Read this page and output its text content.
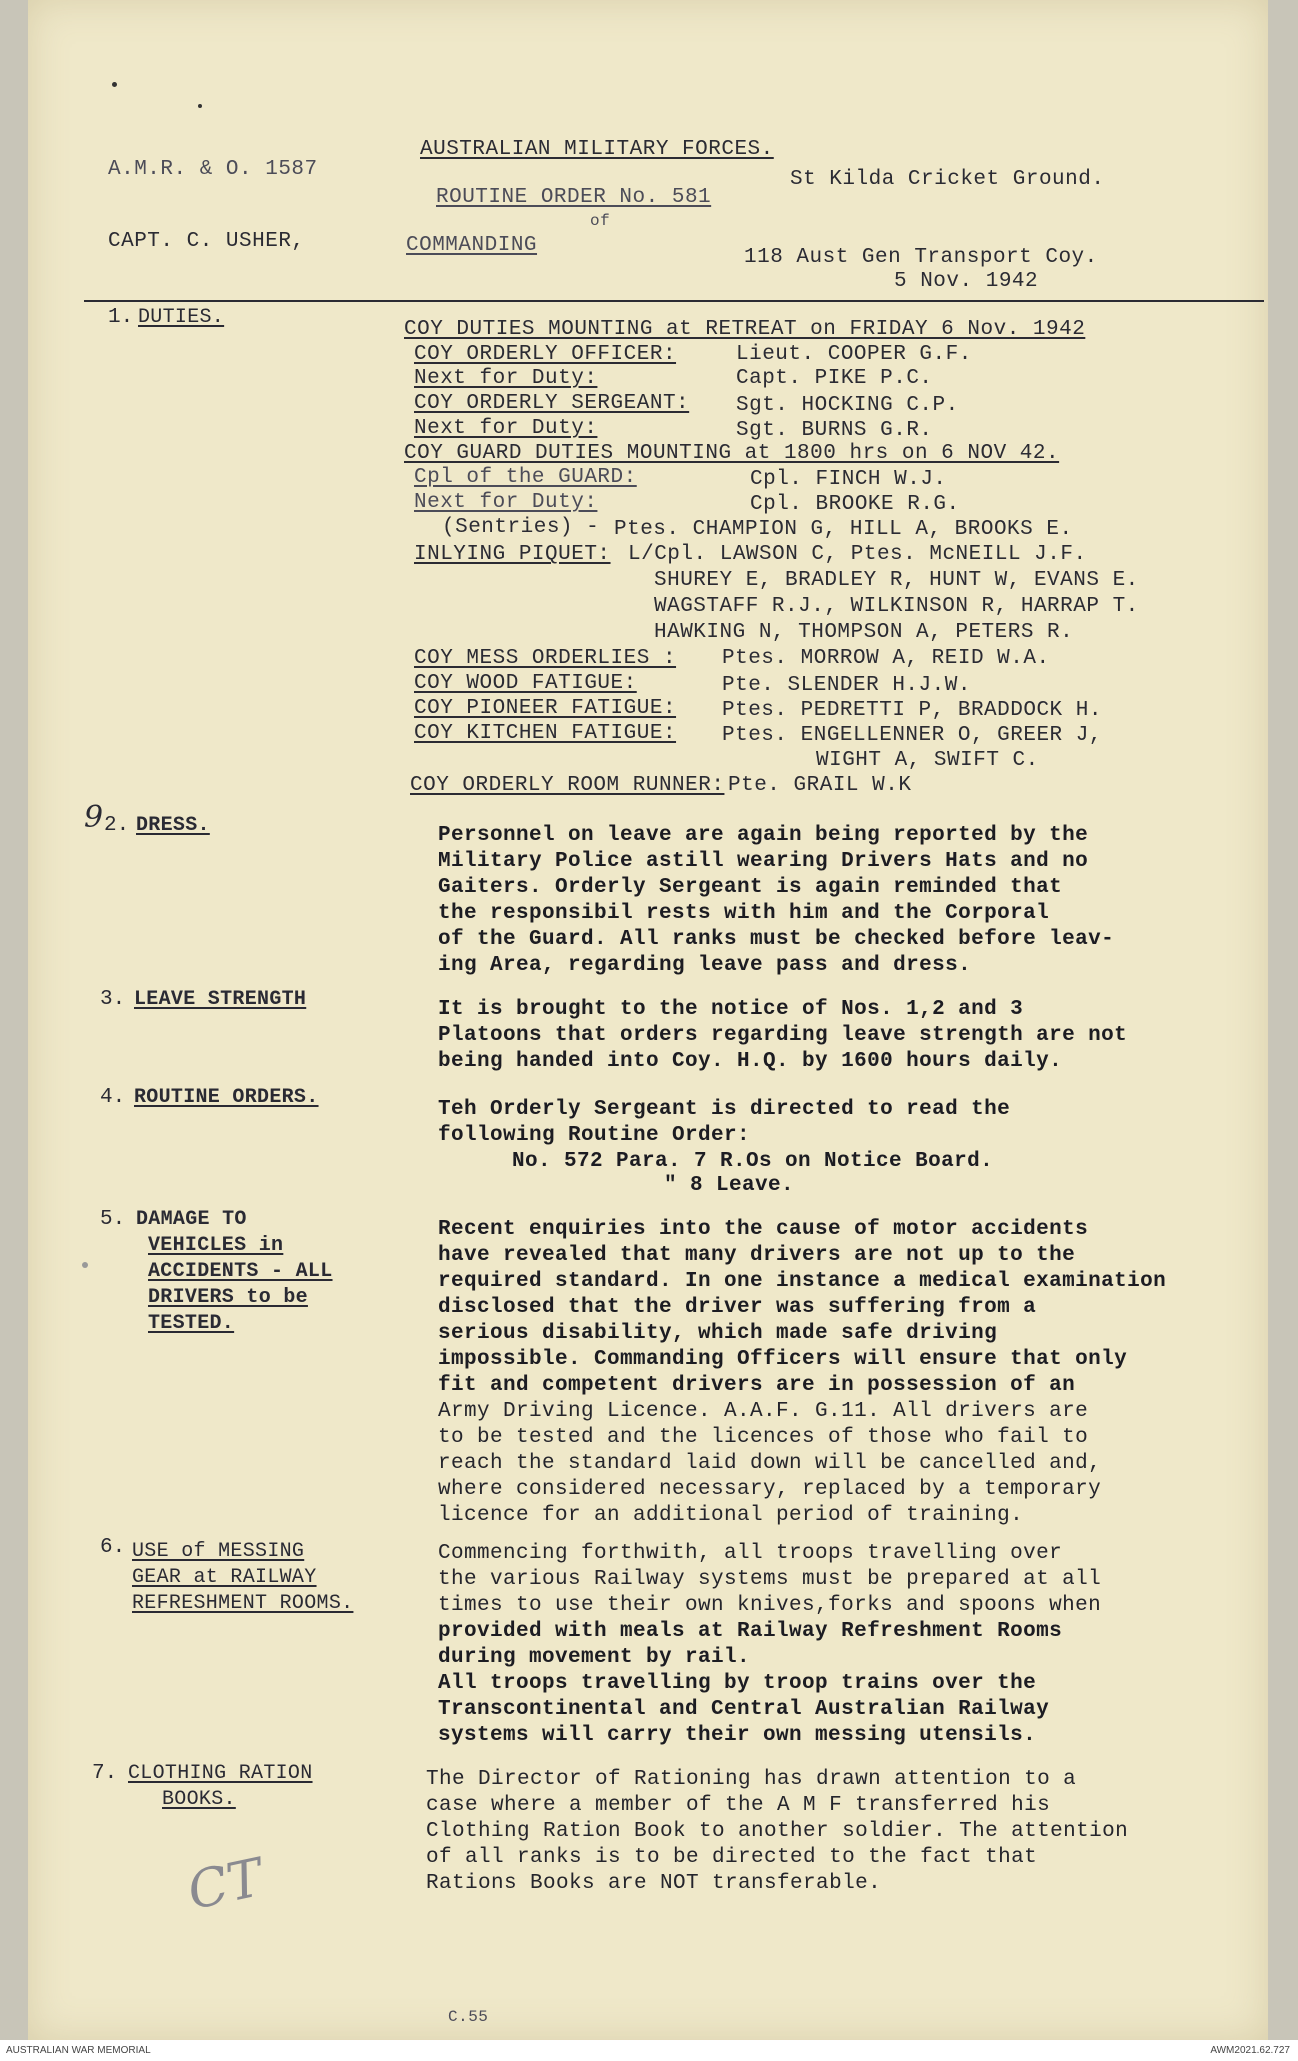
A.M.R. & O. 1587
AUSTRALIAN MILITARY FORCES.
St Kilda Cricket Ground.
ROUTINE ORDER No. 581
of
CAPT. C. USHER,	COMMANDING
118 Aust Gen Transport Coy.
5 Nov. 1942
1. DUTIES.
COY DUTIES MOUNTING at RETREAT on FRIDAY 6 Nov. 1942
COY ORDERLY OFFICER:	Lieut. COOPER G.F.
Next for Duty:	Capt. PIKE P.C.
COY ORDERLY SERGEANT: Sgt. HOCKING C.P.
Next for Duty:	Sgt. BURNS G.R.
COY GUARD DUTIES MOUNTING at 1800 hrs on 6 NOV 42.
Cpl of the GUARD:	Cpl. FINCH W.J.
Next for Duty:	Cpl. BROOKE R.G.
(Sentries) - Ptes. CHAMPION G, HILL A, BROOKS E.
INLYING PIQUET: L/Cpl. LAWSON C, Ptes. McNEILL J.F.
SHUREY E, BRADLEY R, HUNT W, EVANS E.
WAGSTAFF R.J., WILKINSON R, HARRAP T.
HAWKING N, THOMPSON A, PETERS R.
COY MESS ORDERLIES : Ptes. MORROW A, REID W.A.
COY WOOD FATIGUE:	Pte. SLENDER H.J.W.
COY PIONEER FATIGUE: Ptes. PEDRETTI P, BRADDOCK H.
COY KITCHEN FATIGUE: Ptes. ENGELLENNER O, GREER J,
WIGHT A, SWIFT C.
COY ORDERLY ROOM RUNNER: Pte. GRAIL W.K
9 2. DRESS.	Personnel on leave are again being reported by the
Military Police astill wearing Drivers Hats and no
Gaiters. Orderly Sergeant is again reminded that
the responsibil rests with him and the Corporal
of the Guard. All ranks must be checked before leav-
ing Area, regarding leave pass and dress.
3. LEAVE STRENGTH	It is brought to the notice of Nos. 1,2 and 3
Platoons that orders regarding leave strength are not
being handed into Coy. H.Q. by 1600 hours daily.
4. ROUTINE ORDERS.
Teh Orderly Sergeant is directed to read the
following Routine Order:
No. 572 Para. 7 R.Os on Notice Board.
" 8 Leave.
5. DAMAGE TO
VEHICLES in
ACCIDENTS - ALL
DRIVERS to be
TESTED.
Recent enquiries into the cause of motor accidents
have revealed that many drivers are not up to the
required standard. In one instance a medical examination
disclosed that the driver was suffering from a
serious disability, which made safe driving
impossible. Commanding Officers will ensure that only
fit and competent drivers are in possession of an
Army Driving Licence. A.A.F. G.11. All drivers are
to be tested and the licences of those who fail to
reach the standard laid down will be cancelled and,
where considered necessary, replaced by a temporary
licence for an additional period of training.
6. USE of MESSING
GEAR at RAILWAY
REFRESHMENT ROOMS.
Commencing forthwith, all troops travelling over
the various Railway systems must be prepared at all
times to use their own knives,forks and spoons when
provided with meals at Railway Refreshment Rooms
during movement by rail.
All troops travelling by troop trains over the
Transcontinental and Central Australian Railway
systems will carry their own messing utensils.
7. CLOTHING RATION
BOOKS.
The Director of Rationing has drawn attention to a
case where a member of the A M F transferred his
Clothing Ration Book to another soldier. The attention
of all ranks is to be directed to the fact that
Rations Books are NOT transferable.
CT
C.55
AUSTRALIAN WAR MEMORIAL	AWM2021.62.727
